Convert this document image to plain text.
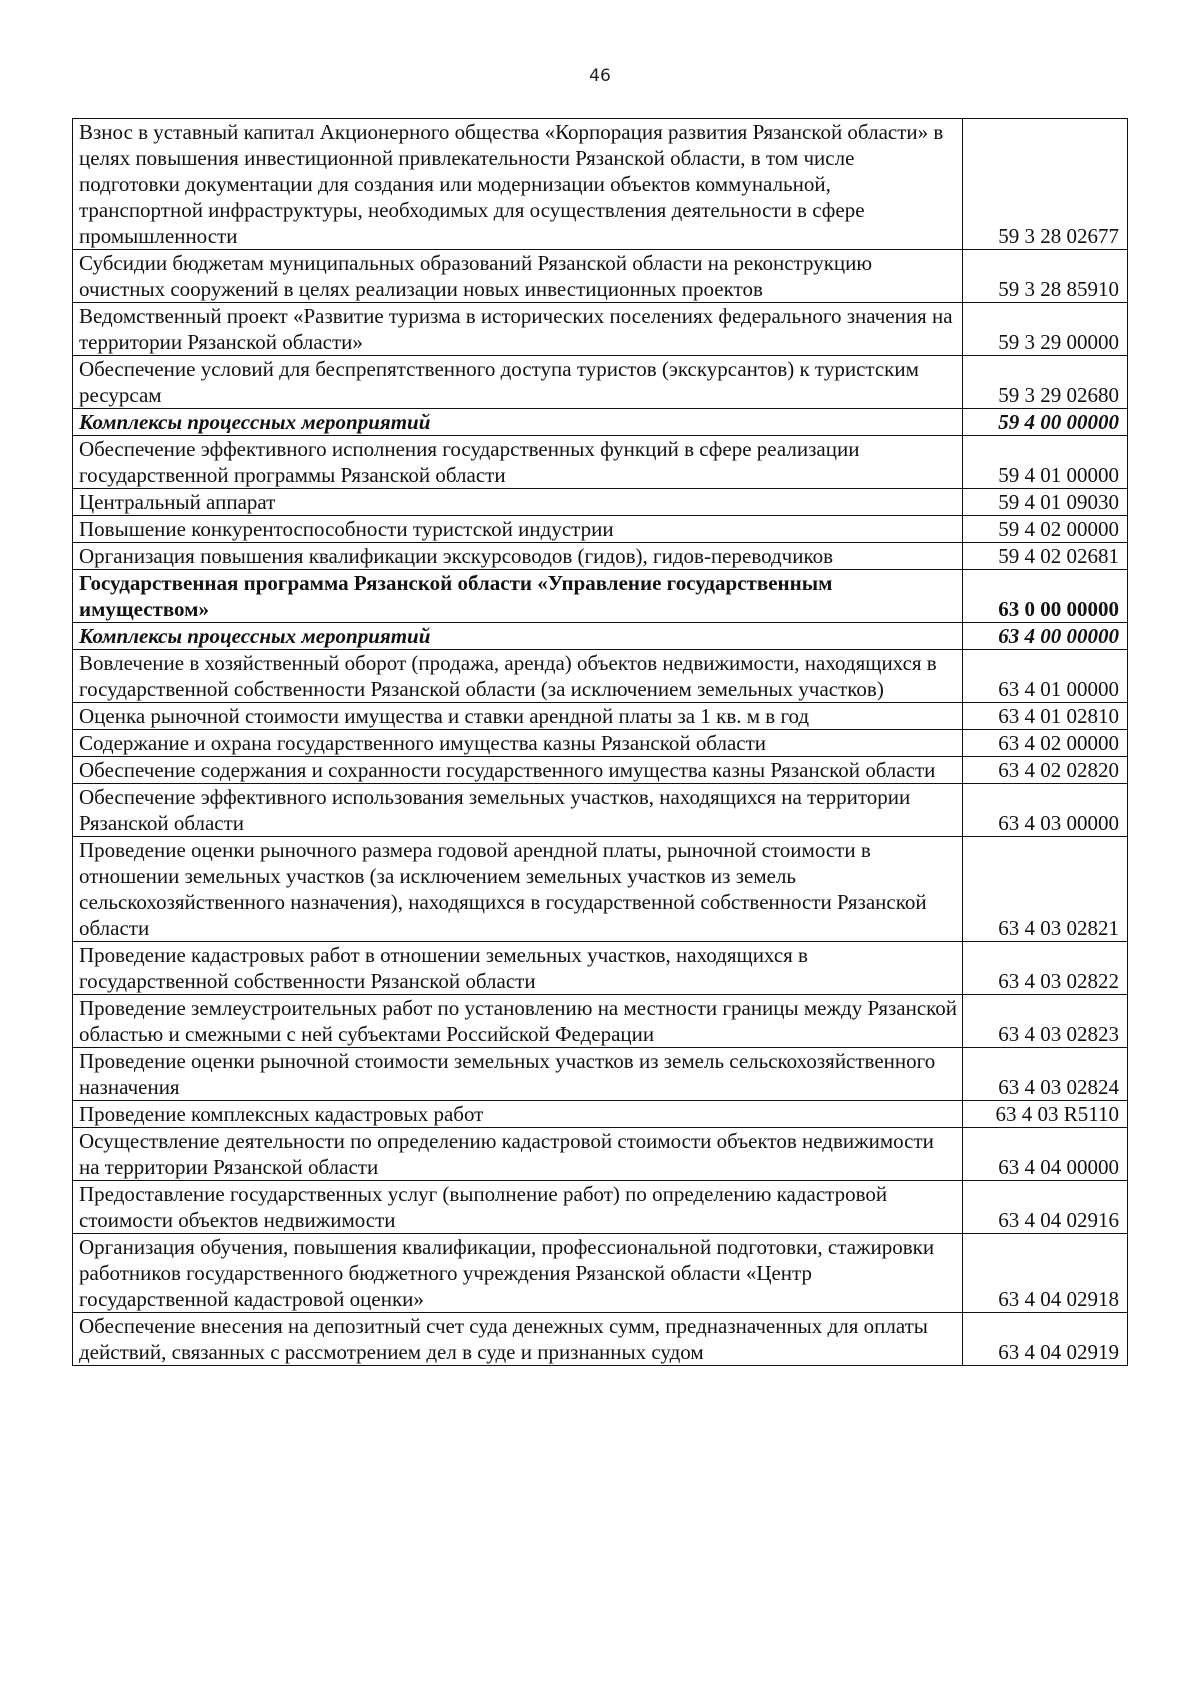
46
Взнос в уставный капитал Акционерного общества «Корпорация развития Рязанской области» в целях повышения инвестиционной привлекательности Рязанской области, в том числе подготовки документации для создания или модернизации объектов коммунальной, транспортной инфраструктуры, необходимых для осуществления деятельности в сфере промышленности	59 3 28 02677
Субсидии бюджетам муниципальных образований Рязанской области на реконструкцию очистных сооружений в целях реализации новых инвестиционных проектов	59 3 28 85910
Ведомственный проект «Развитие туризма в исторических поселениях федерального значения на территории Рязанской области»	59 3 29 00000
Обеспечение условий для беспрепятственного доступа туристов (экскурсантов) к туристским ресурсам	59 3 29 02680
Комплексы процессных мероприятий	59 4 00 00000
Обеспечение эффективного исполнения государственных функций в сфере реализации государственной программы Рязанской области	59 4 01 00000
Центральный аппарат	59 4 01 09030
Повышение конкурентоспособности туристской индустрии	59 4 02 00000
Организация повышения квалификации экскурсоводов (гидов), гидов-переводчиков	59 4 02 02681
Государственная программа Рязанской области «Управление государственным имуществом»	63 0 00 00000
Комплексы процессных мероприятий	63 4 00 00000
Вовлечение в хозяйственный оборот (продажа, аренда) объектов недвижимости, находящихся в государственной собственности Рязанской области (за исключением земельных участков)	63 4 01 00000
Оценка рыночной стоимости имущества и ставки арендной платы за 1 кв. м в год	63 4 01 02810
Содержание и охрана государственного имущества казны Рязанской области	63 4 02 00000
Обеспечение содержания и сохранности государственного имущества казны Рязанской области	63 4 02 02820
Обеспечение эффективного использования земельных участков, находящихся на территории Рязанской области	63 4 03 00000
Проведение оценки рыночного размера годовой арендной платы, рыночной стоимости в отношении земельных участков (за исключением земельных участков из земель сельскохозяйственного назначения), находящихся в государственной собственности Рязанской области	63 4 03 02821
Проведение кадастровых работ в отношении земельных участков, находящихся в государственной собственности Рязанской области	63 4 03 02822
Проведение землеустроительных работ по установлению на местности границы между Рязанской областью и смежными с ней субъектами Российской Федерации	63 4 03 02823
Проведение оценки рыночной стоимости земельных участков из земель сельскохозяйственного назначения	63 4 03 02824
Проведение комплексных кадастровых работ	63 4 03 R5110
Осуществление деятельности по определению кадастровой стоимости объектов недвижимости на территории Рязанской области	63 4 04 00000
Предоставление государственных услуг (выполнение работ) по определению кадастровой стоимости объектов недвижимости	63 4 04 02916
Организация обучения, повышения квалификации, профессиональной подготовки, стажировки работников государственного бюджетного учреждения Рязанской области «Центр государственной кадастровой оценки»	63 4 04 02918
Обеспечение внесения на депозитный счет суда денежных сумм, предназначенных для оплаты действий, связанных с рассмотрением дел в суде и признанных судом	63 4 04 02919
